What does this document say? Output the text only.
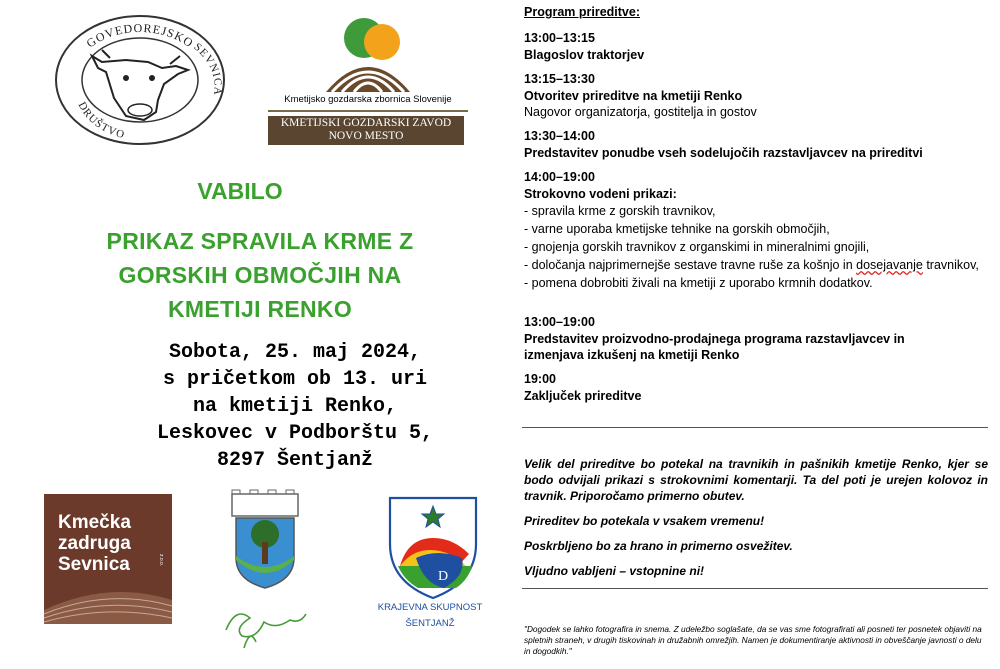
GOVEDOREJSKO
SEVNICA
DRUŠTVO
Kmetijsko gozdarska zbornica Slovenije
KMETIJSKI GOZDARSKI ZAVOD
NOVO MESTO
VABILO
PRIKAZ SPRAVILA KRME Z
GORSKIH OBMOČJIH NA
KMETIJI RENKO
Sobota, 25. maj 2024,
s pričetkom ob 13. uri
na kmetiji Renko,
Leskovec v Podborštu 5,
8297 Šentjanž
Kmečka
zadruga
Sevnica	z.o.o.
D
KRAJEVNA SKUPNOST
ŠENTJANŽ
Program prireditve:
13:00–13:15
Blagoslov traktorjev
13:15–13:30
Otvoritev prireditve na kmetiji Renko
Nagovor organizatorja, gostitelja in gostov
13:30–14:00
Predstavitev ponudbe vseh sodelujočih razstavljavcev na prireditvi
14:00–19:00
Strokovno vodeni prikazi:
- spravila krme z gorskih travnikov,
- varne uporaba kmetijske tehnike na gorskih območjih,
- gnojenja gorskih travnikov z organskimi in mineralnimi gnojili,
- določanja najprimernejše sestave travne ruše za košnjo in dosejavanje travnikov,
- pomena dobrobiti živali na kmetiji z uporabo krmnih dodatkov.
13:00–19:00
Predstavitev proizvodno-prodajnega programa razstavljavcev in
izmenjava izkušenj na kmetiji Renko
19:00
Zaključek prireditve

Velik del prireditve bo potekal na travnikih in pašnikih kmetije Renko, kjer se bodo odvijali prikazi s strokovnimi komentarji. Ta del poti je urejen kolovoz in travnik. Priporočamo primerno obutev.

Prireditev bo potekala v vsakem vremenu!

Poskrbljeno bo za hrano in primerno osvežitev.

Vljudno vabljeni – vstopnine ni!

"Dogodek se lahko fotografira in snema. Z udeležbo soglašate, da se vas sme fotografirati ali posneti ter posnetek objaviti na spletnih straneh, v drugih tiskovinah in družabnih omrežjih. Namen je dokumentiranje aktivnosti in obveščanje javnosti o delu in dogodkih."
